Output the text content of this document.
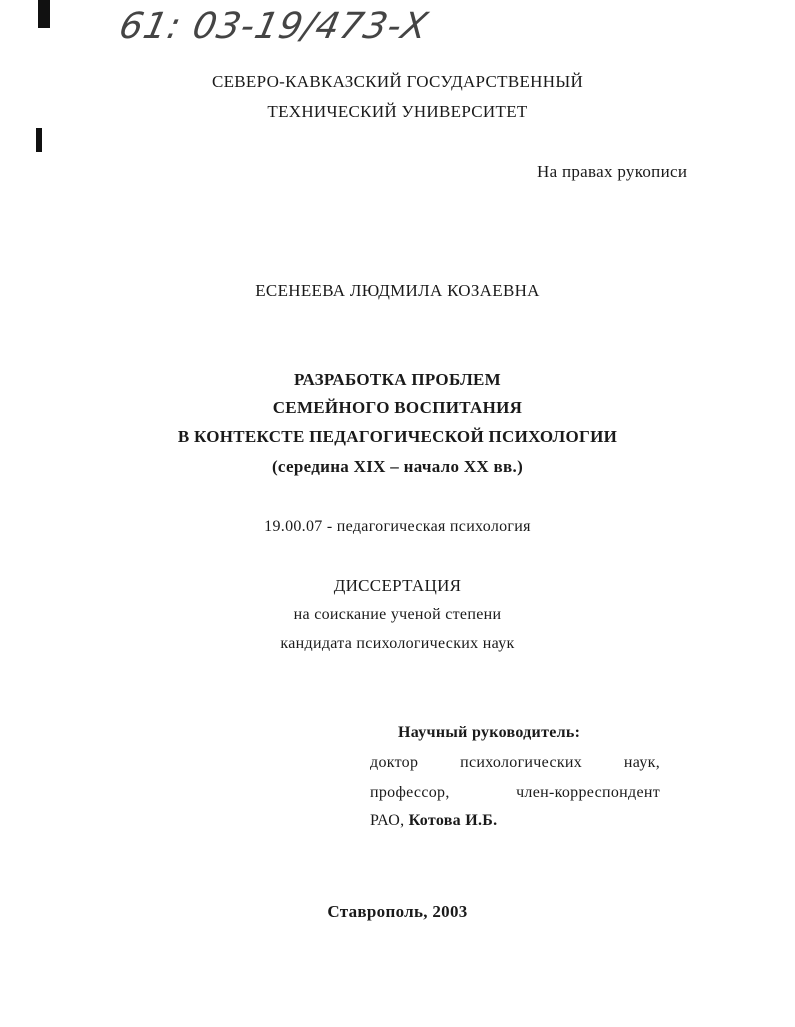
61: 03-19/473-Х
СЕВЕРО-КАВКАЗСКИЙ ГОСУДАРСТВЕННЫЙ
ТЕХНИЧЕСКИЙ УНИВЕРСИТЕТ
На правах рукописи
ЕСЕНЕЕВА ЛЮДМИЛА КОЗАЕВНА
РАЗРАБОТКА ПРОБЛЕМ
СЕМЕЙНОГО ВОСПИТАНИЯ
В КОНТЕКСТЕ ПЕДАГОГИЧЕСКОЙ ПСИХОЛОГИИ
(середина XIX – начало XX вв.)
19.00.07 - педагогическая психология
ДИССЕРТАЦИЯ
на соискание ученой степени
кандидата психологических наук
Научный руководитель:
доктор психологических наук,
профессор, член-корреспондент
РАО, Котова И.Б.
Ставрополь, 2003
